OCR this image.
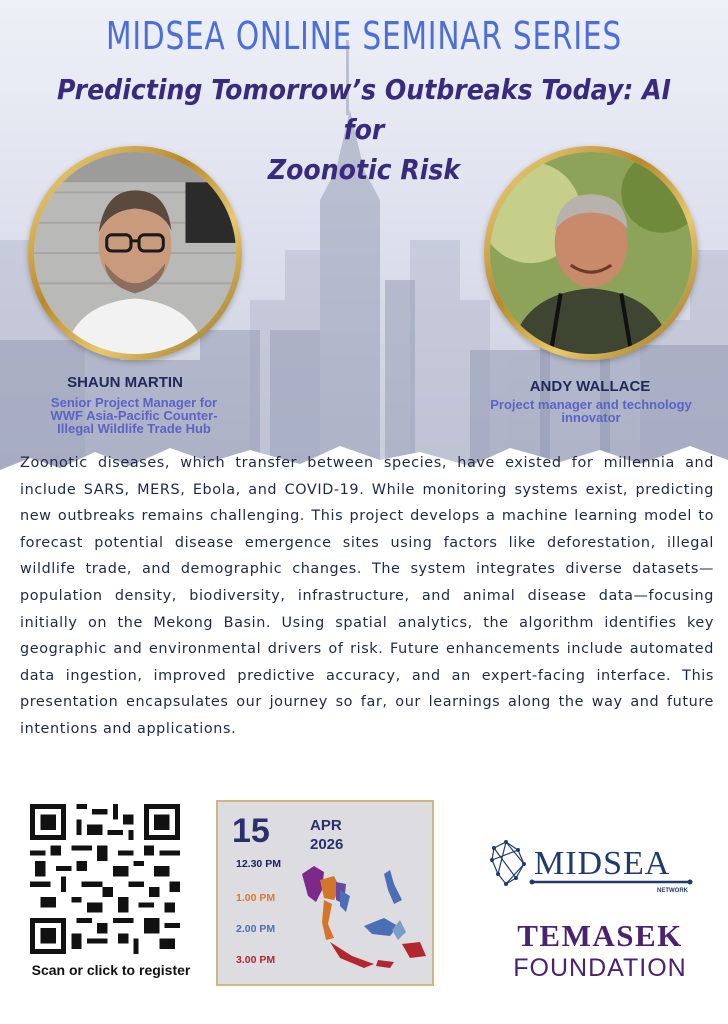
MIDSEA ONLINE SEMINAR SERIES
Predicting Tomorrow’s Outbreaks Today: AI for
Zoonotic Risk
SHAUN MARTIN
Senior Project Manager for
WWF Asia-Pacific Counter-
Illegal Wildlife Trade Hub
ANDY WALLACE
Project manager and technology
innovator

Zoonotic diseases, which transfer between species, have existed for millennia and include SARS, MERS, Ebola, and COVID-19. While monitoring systems exist, predicting new outbreaks remains challenging. This project develops a machine learning model to forecast potential disease emergence sites using factors like deforestation, illegal wildlife trade, and demographic changes. The system integrates diverse datasets—population density, biodiversity, infrastructure, and animal disease data—focusing initially on the Mekong Basin. Using spatial analytics, the algorithm identifies key geographic and environmental drivers of risk. Future enhancements include automated data ingestion, improved predictive accuracy, and an expert-facing interface. This presentation encapsulates our journey so far, our learnings along the way and future intentions and applications.

Scan or click to register
15	APR
2026
12.30 PM
1.00 PM
2.00 PM
3.00 PM
MIDSEA
NETWORK
TEMASEK
FOUNDATION
